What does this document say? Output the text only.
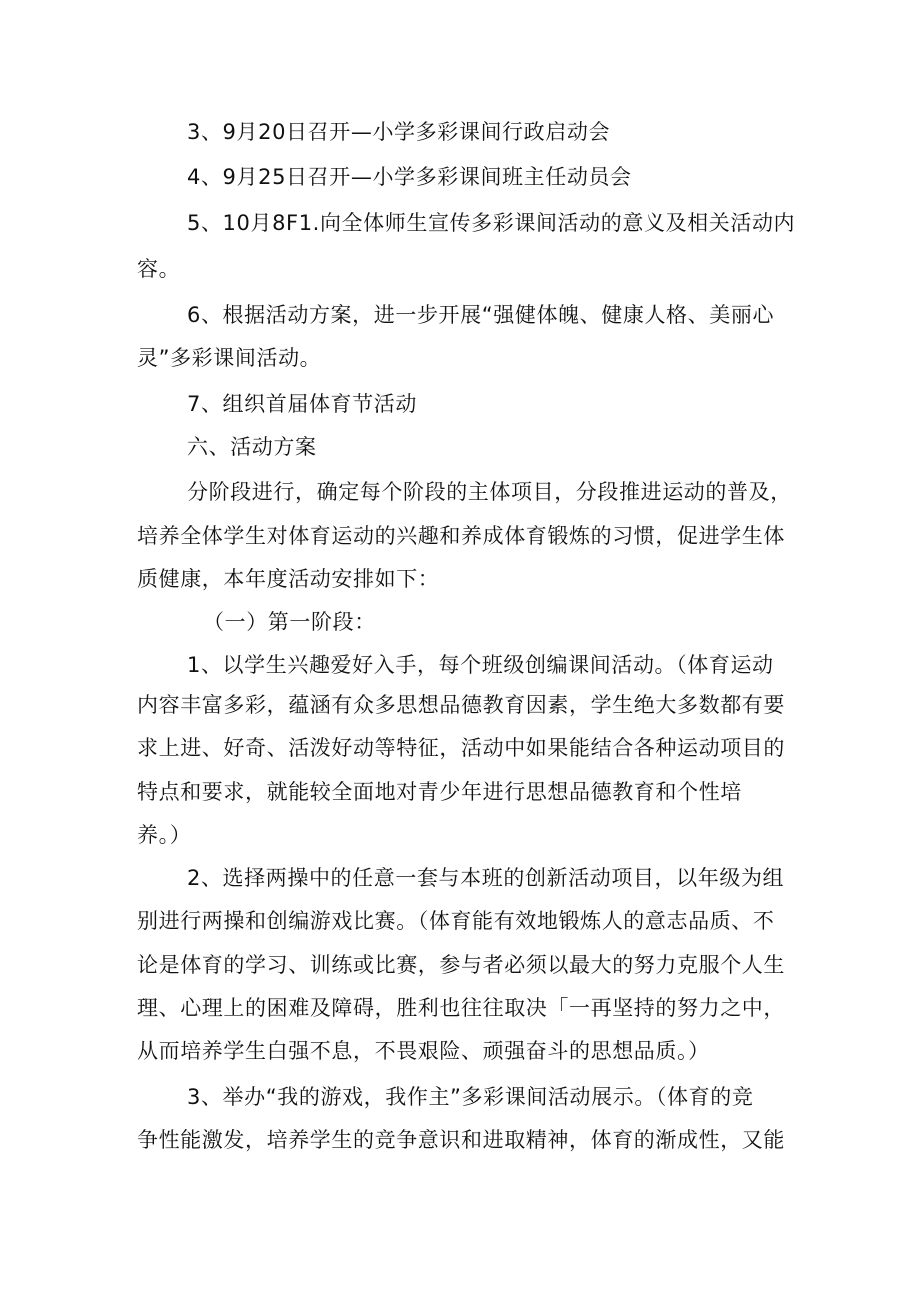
3、9月20日召开—小学多彩课间行政启动会
4、9月25日召开—小学多彩课间班主任动员会
5、10月8F1.向全体师生宣传多彩课间活动的意义及相关活动内
容。
6、根据活动方案，进一步开展“强健体魄、健康人格、美丽心
灵”多彩课间活动。
7、组织首届体育节活动
六、活动方案
分阶段进行，确定每个阶段的主体项目，分段推进运动的普及，
培养全体学生对体育运动的兴趣和养成体育锻炼的习惯，促进学生体
质健康，本年度活动安排如下：
（一）第一阶段：
1、以学生兴趣爱好入手，每个班级创编课间活动。（体育运动
内容丰富多彩，蕴涵有众多思想品德教育因素，学生绝大多数都有要
求上进、好奇、活泼好动等特征，活动中如果能结合各种运动项目的
特点和要求，就能较全面地对青少年进行思想品德教育和个性培
养。）
2、选择两操中的任意一套与本班的创新活动项目，以年级为组
别进行两操和创编游戏比赛。（体育能有效地锻炼人的意志品质、不
论是体育的学习、训练或比赛，参与者必须以最大的努力克服个人生
理、心理上的困难及障碍，胜利也往往取决「一再坚持的努力之中，
从而培养学生白强不息，不畏艰险、顽强奋斗的思想品质。）
3、举办“我的游戏，我作主”多彩课间活动展示。（体育的竞
争性能激发，培养学生的竞争意识和进取精神，体育的渐成性，又能
